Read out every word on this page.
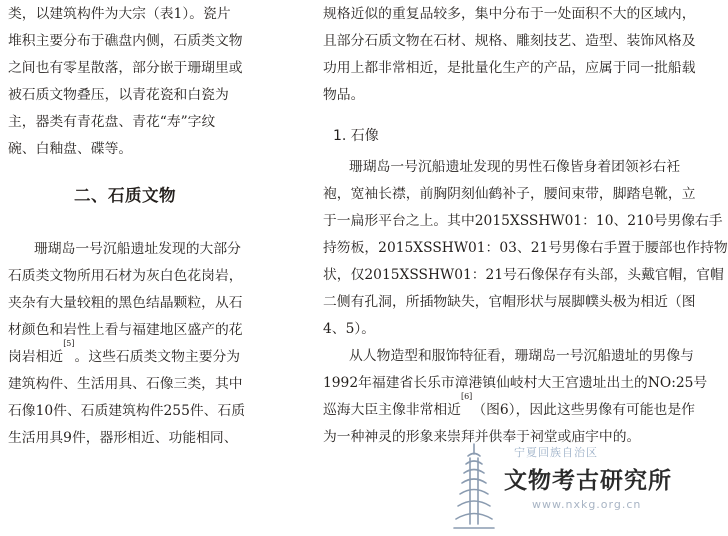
类，以建筑构件为大宗（表1）。瓷片
堆积主要分布于礁盘内侧，石质类文物
之间也有零星散落，部分嵌于珊瑚里或
被石质文物叠压，以青花瓷和白瓷为
主，器类有青花盘、青花“寿”字纹
碗、白釉盘、碟等。
二、石质文物
珊瑚岛一号沉船遗址发现的大部分
石质类文物所用石材为灰白色花岗岩，
夹杂有大量较粗的黑色结晶颗粒，从石
材颜色和岩性上看与福建地区盛产的花
岗岩相近
[5]
。这些石质类文物主要分为
建筑构件、生活用具、石像三类，其中
石像10件、石质建筑构件255件、石质
生活用具9件，器形相近、功能相同、
规格近似的重复品较多，集中分布于一处面积不大的区域内，
且部分石质文物在石材、规格、雕刻技艺、造型、装饰风格及
功用上都非常相近，是批量化生产的产品，应属于同一批船载
物品。
1. 石像
珊瑚岛一号沉船遗址发现的男性石像皆身着团领衫右衽
袍，宽袖长襟，前胸阴刻仙鹤补子，腰间束带，脚踏皂靴，立
于一扁形平台之上。其中2015XSSHW01：10、210号男像右手
持笏板，2015XSSHW01：03、21号男像右手置于腰部也作持物
状，仅2015XSSHW01：21号石像保存有头部，头戴官帽，官帽
二侧有孔洞，所插物缺失，官帽形状与展脚幞头极为相近（图
4、5）。
从人物造型和服饰特征看，珊瑚岛一号沉船遗址的男像与
1992年福建省长乐市漳港镇仙岐村大王宫遗址出土的NO:25号
巡海大臣主像非常相近
[6]
（图6），因此这些男像有可能也是作
为一种神灵的形象来崇拜并供奉于祠堂或庙宇中的。
宁夏回族自治区
文物考古研究所
www.nxkg.org.cn
